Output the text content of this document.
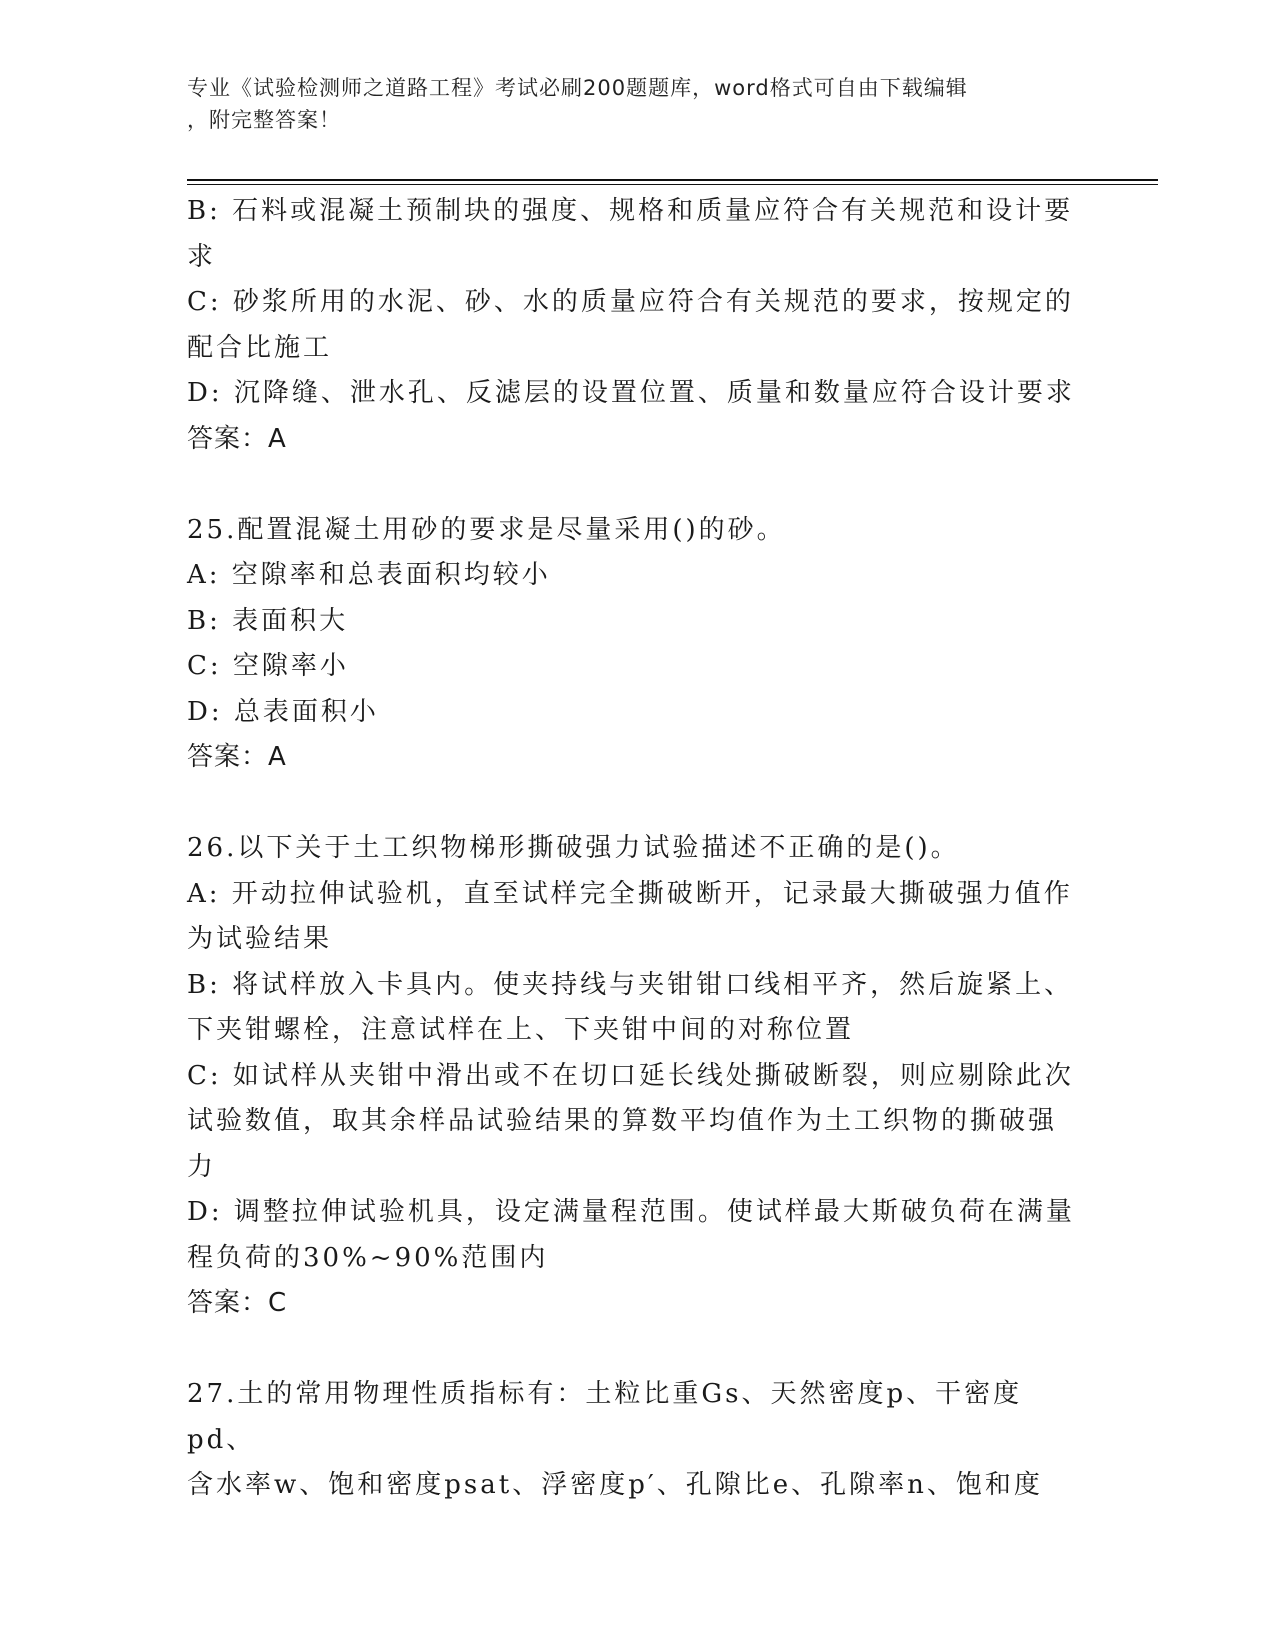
专业《试验检测师之道路工程》考试必刷200题题库，word格式可自由下载编辑
，附完整答案！

B: 石料或混凝土预制块的强度、规格和质量应符合有关规范和设计要

求

C: 砂浆所用的水泥、砂、水的质量应符合有关规范的要求，按规定的

配合比施工

D: 沉降缝、泄水孔、反滤层的设置位置、质量和数量应符合设计要求

答案：A

25.配置混凝土用砂的要求是尽量采用()的砂。

A: 空隙率和总表面积均较小

B: 表面积大

C: 空隙率小

D: 总表面积小

答案：A

26.以下关于土工织物梯形撕破强力试验描述不正确的是()。

A: 开动拉伸试验机，直至试样完全撕破断开，记录最大撕破强力值作

为试验结果

B: 将试样放入卡具内。使夹持线与夹钳钳口线相平齐，然后旋紧上、

下夹钳螺栓，注意试样在上、下夹钳中间的对称位置

C: 如试样从夹钳中滑出或不在切口延长线处撕破断裂，则应剔除此次

试验数值，取其余样品试验结果的算数平均值作为土工织物的撕破强

力

D: 调整拉伸试验机具，设定满量程范围。使试样最大斯破负荷在满量

程负荷的30%~90%范围内

答案：C

27.土的常用物理性质指标有：土粒比重Gs、天然密度p、干密度pd、

含水率w、饱和密度psat、浮密度p′、孔隙比e、孔隙率n、饱和度
